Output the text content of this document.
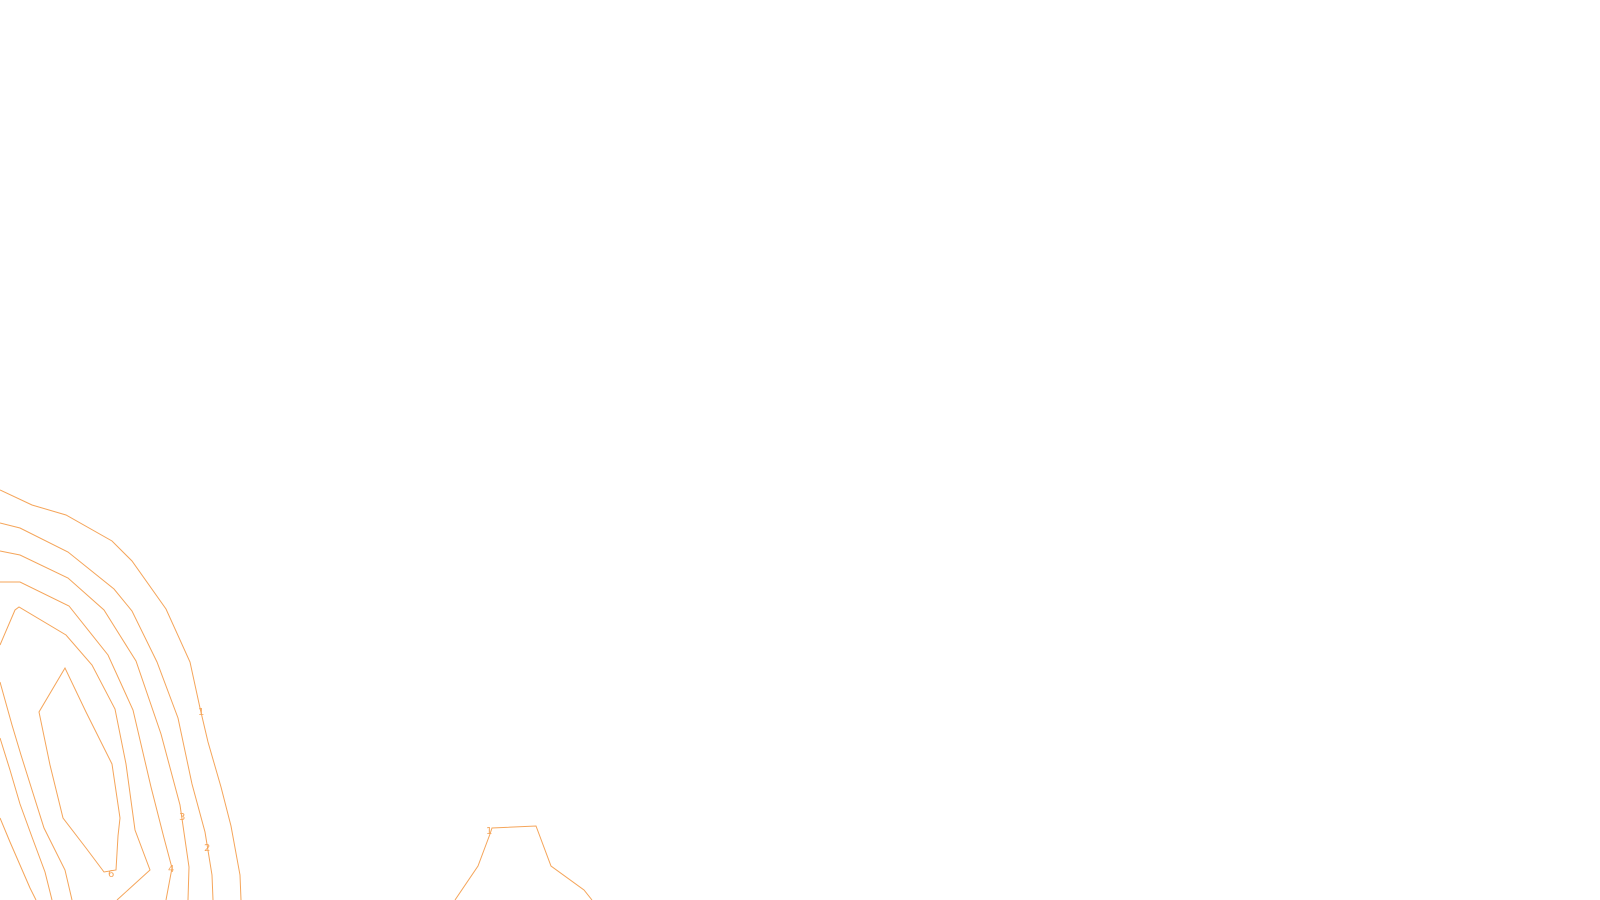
1
2
3
4
6
1
